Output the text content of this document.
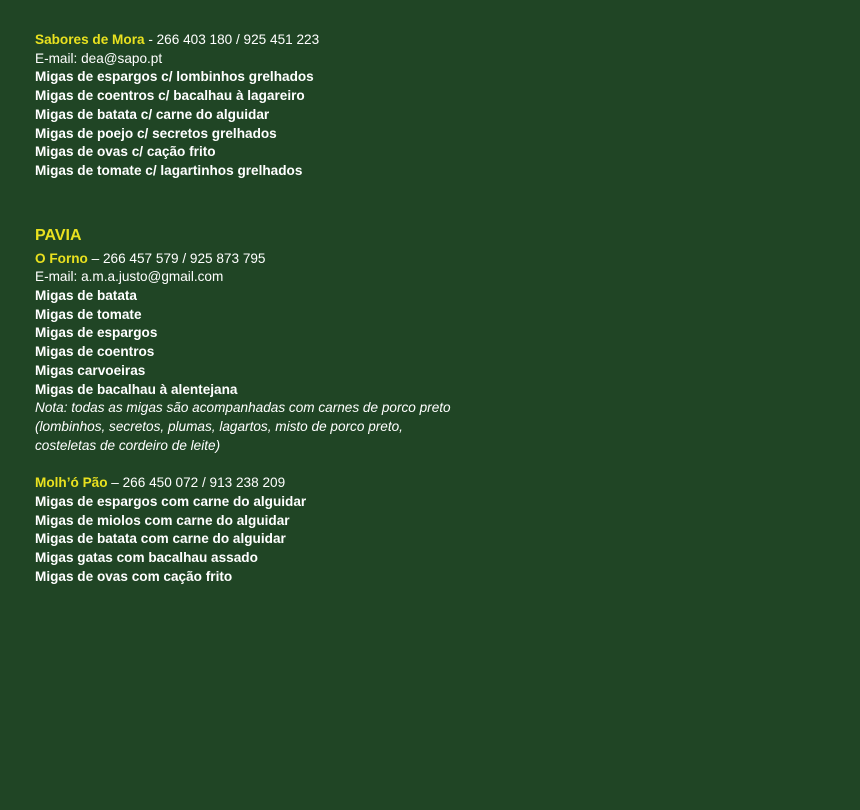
Sabores de Mora - 266 403 180 / 925 451 223
E-mail: dea@sapo.pt
Migas de espargos c/ lombinhos grelhados
Migas de coentros c/ bacalhau à lagareiro
Migas de batata c/ carne do alguidar
Migas de poejo c/ secretos grelhados
Migas de ovas c/ cação frito
Migas de tomate c/ lagartinhos grelhados
PAVIA
O Forno – 266 457 579 / 925 873 795
E-mail: a.m.a.justo@gmail.com
Migas de batata
Migas de tomate
Migas de espargos
Migas de coentros
Migas carvoeiras
Migas de bacalhau à alentejana
Nota: todas as migas são acompanhadas com carnes de porco preto
(lombinhos, secretos, plumas, lagartos, misto de porco preto,
costeletas de cordeiro de leite)
Molh’ó Pão – 266 450 072 / 913 238 209
Migas de espargos com carne do alguidar
Migas de miolos com carne do alguidar
Migas de batata com carne do alguidar
Migas gatas com bacalhau assado
Migas de ovas com cação frito
